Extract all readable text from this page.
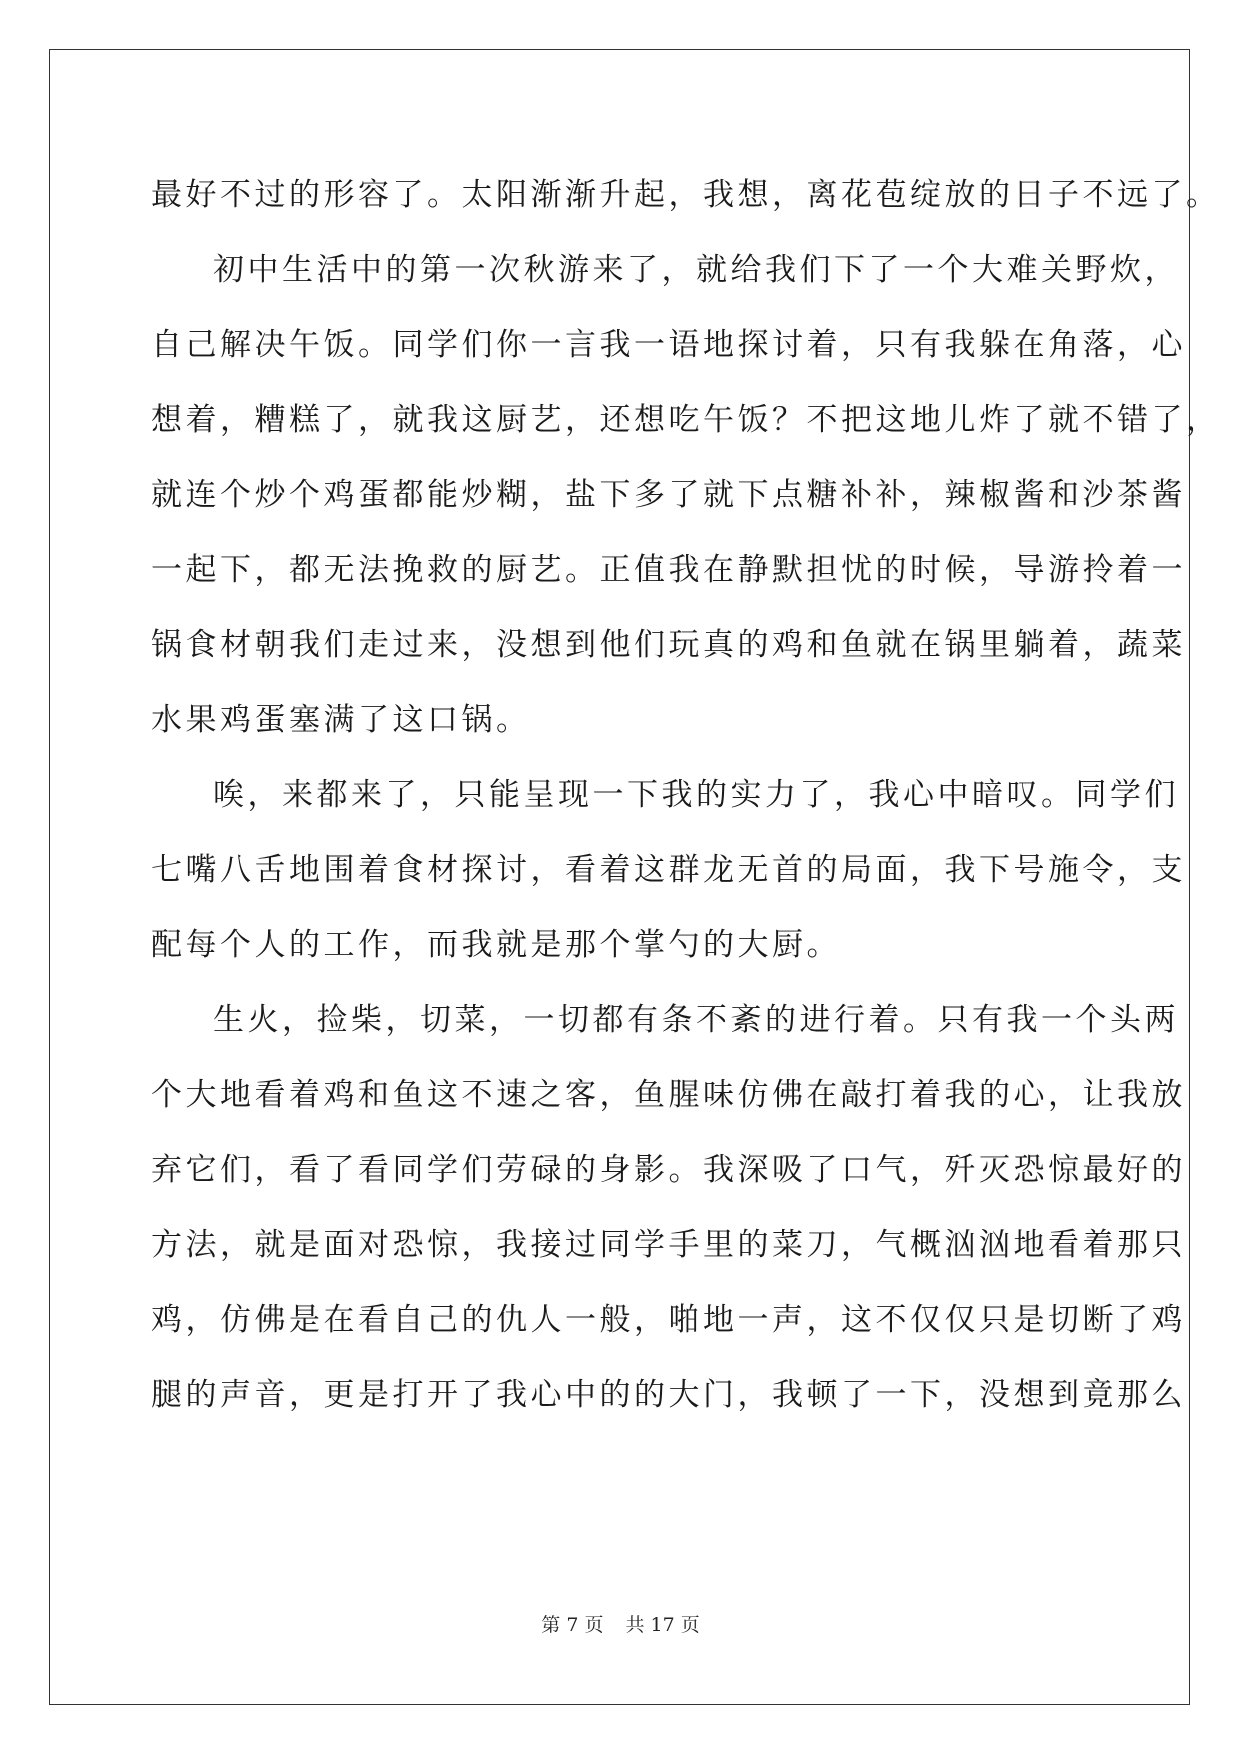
最好不过的形容了。太阳渐渐升起，我想，离花苞绽放的日子不远了。
初中生活中的第一次秋游来了，就给我们下了一个大难关野炊，
自己解决午饭。同学们你一言我一语地探讨着，只有我躲在角落，心
想着，糟糕了，就我这厨艺，还想吃午饭？不把这地儿炸了就不错了，
就连个炒个鸡蛋都能炒糊，盐下多了就下点糖补补，辣椒酱和沙茶酱
一起下，都无法挽救的厨艺。正值我在静默担忧的时候，导游拎着一
锅食材朝我们走过来，没想到他们玩真的鸡和鱼就在锅里躺着，蔬菜
水果鸡蛋塞满了这口锅。
唉，来都来了，只能呈现一下我的实力了，我心中暗叹。同学们
七嘴八舌地围着食材探讨，看着这群龙无首的局面，我下号施令，支
配每个人的工作，而我就是那个掌勺的大厨。
生火，捡柴，切菜，一切都有条不紊的进行着。只有我一个头两
个大地看着鸡和鱼这不速之客，鱼腥味仿佛在敲打着我的心，让我放
弃它们，看了看同学们劳碌的身影。我深吸了口气，歼灭恐惊最好的
方法，就是面对恐惊，我接过同学手里的菜刀，气概汹汹地看着那只
鸡，仿佛是在看自己的仇人一般，啪地一声，这不仅仅只是切断了鸡
腿的声音，更是打开了我心中的的大门，我顿了一下，没想到竟那么
第 7 页 共 17 页
